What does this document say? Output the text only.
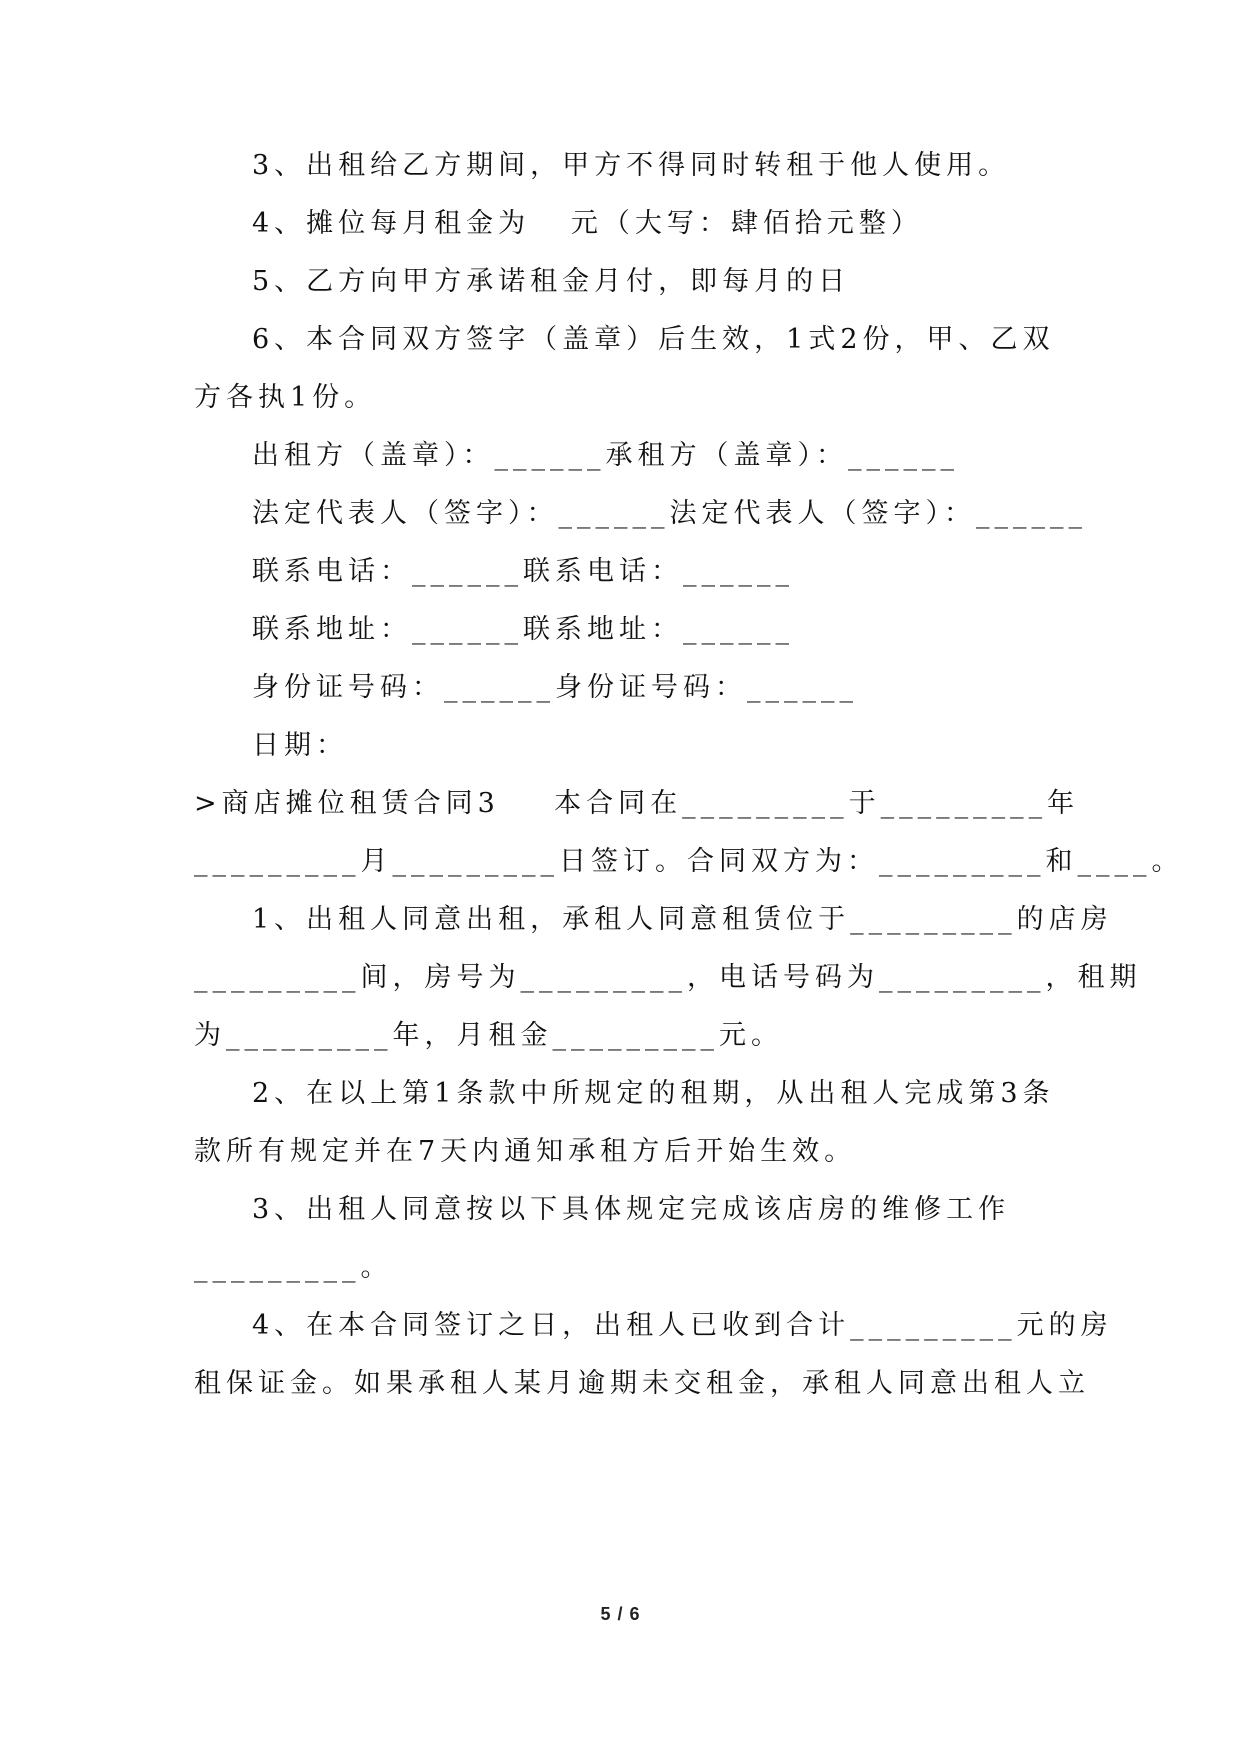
3、出租给乙方期间，甲方不得同时转租于他人使用。
4、摊位每月租金为   元（大写：肆佰拾元整）
5、乙方向甲方承诺租金月付，即每月的日
6、本合同双方签字（盖章）后生效，1式2份，甲、乙双
方各执1份。
出租方（盖章）：______承租方（盖章）：______
法定代表人（签字）：______法定代表人（签字）：______
联系电话：______联系电话：______
联系地址：______联系地址：______
身份证号码：______身份证号码：______
日期：
>商店摊位租赁合同3    本合同在_________于_________年
_________月_________日签订。合同双方为：_________和____。
1、出租人同意出租，承租人同意租赁位于_________的店房
_________间，房号为_________，电话号码为_________，租期
为_________年，月租金_________元。
2、在以上第1条款中所规定的租期，从出租人完成第3条
款所有规定并在7天内通知承租方后开始生效。
3、出租人同意按以下具体规定完成该店房的维修工作
_________。
4、在本合同签订之日，出租人已收到合计_________元的房
租保证金。如果承租人某月逾期未交租金，承租人同意出租人立
5 / 6
